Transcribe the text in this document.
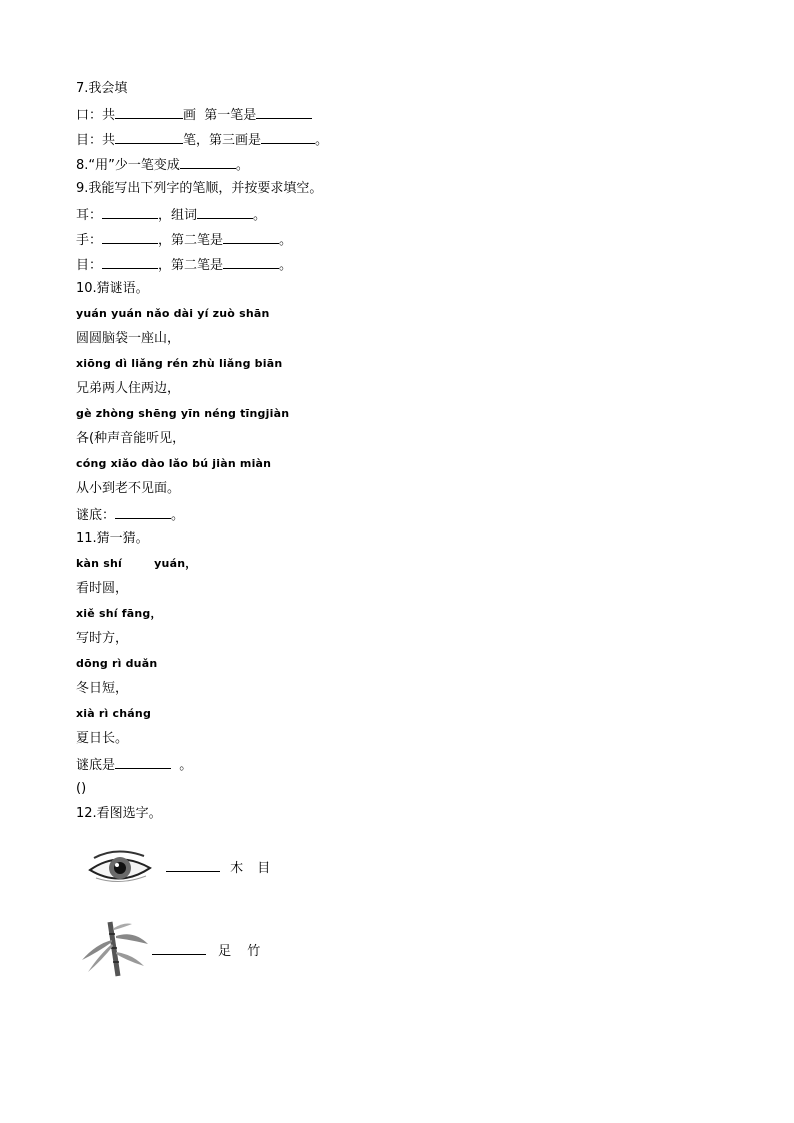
7.我会填
口：共	画  第一笔是
目：共	笔，第三画是	。
8.“用”少一笔变成	。
9.我能写出下列字的笔顺，并按要求填空。
耳：	，组词	。
手：	，第二笔是	。
目：	，第二笔是	。
10.猜谜语。
yuán yuán nǎo dài yí zuò shān
圆圆脑袋一座山，
xiōng dì liǎng rén zhù liǎng biān
兄弟两人住两边，
gè zhòng shēng yīn néng tīngjiàn
各(种声音能听见，
cóng xiǎo dào lǎo bú jiàn miàn
从小到老不见面。
谜底：	。
11.猜一猜。
kàn shí        yuán，
看时圆，
xiě shí fāng，
写时方，
dōng rì duǎn
冬日短，
xià rì cháng
夏日长。
谜底是	。
()
12.看图选字。
木 目
足 竹
